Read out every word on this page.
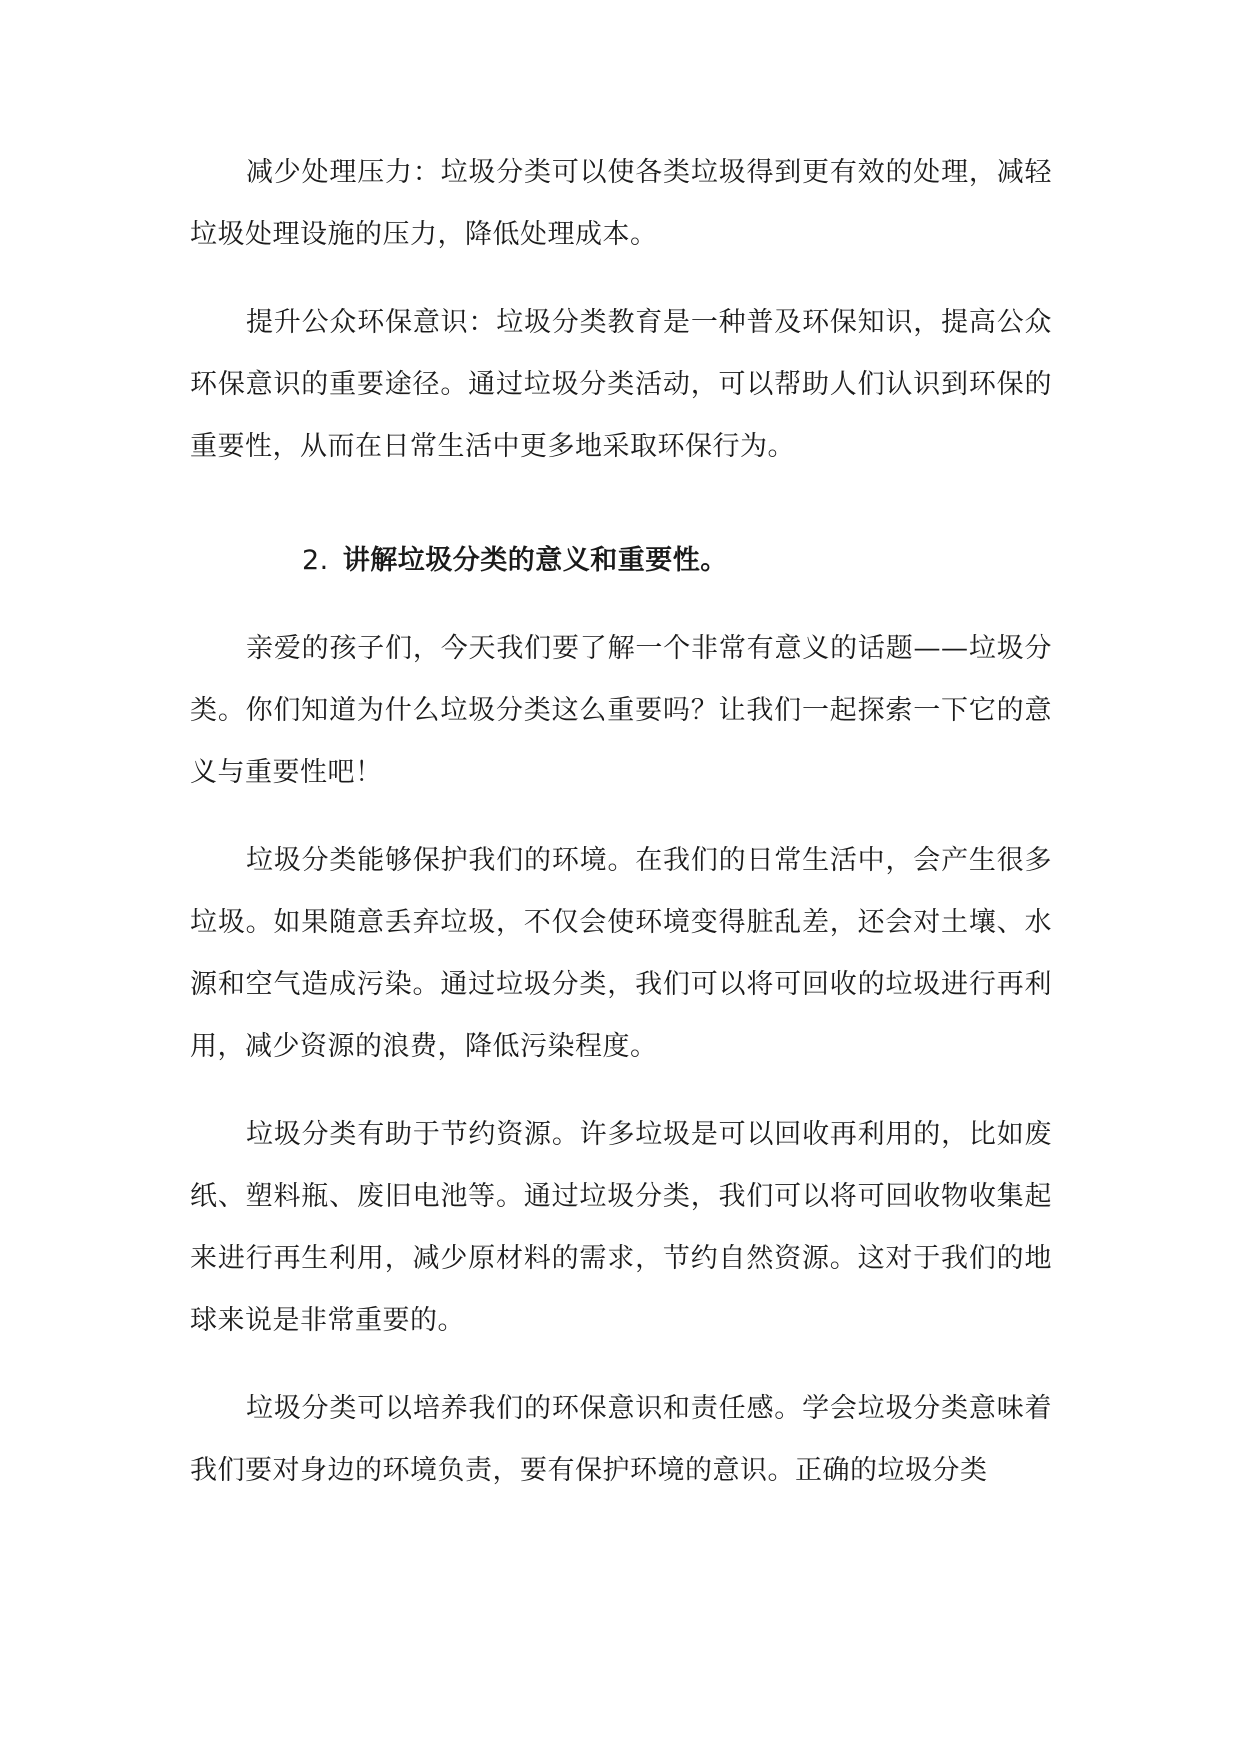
减少处理压力：垃圾分类可以使各类垃圾得到更有效的处理，减轻垃圾处理设施的压力，降低处理成本。

提升公众环保意识：垃圾分类教育是一种普及环保知识，提高公众环保意识的重要途径。通过垃圾分类活动，可以帮助人们认识到环保的重要性，从而在日常生活中更多地采取环保行为。

2. 讲解垃圾分类的意义和重要性。

亲爱的孩子们，今天我们要了解一个非常有意义的话题——垃圾分类。你们知道为什么垃圾分类这么重要吗？让我们一起探索一下它的意义与重要性吧！

垃圾分类能够保护我们的环境。在我们的日常生活中，会产生很多垃圾。如果随意丢弃垃圾，不仅会使环境变得脏乱差，还会对土壤、水源和空气造成污染。通过垃圾分类，我们可以将可回收的垃圾进行再利用，减少资源的浪费，降低污染程度。

垃圾分类有助于节约资源。许多垃圾是可以回收再利用的，比如废纸、塑料瓶、废旧电池等。通过垃圾分类，我们可以将可回收物收集起来进行再生利用，减少原材料的需求，节约自然资源。这对于我们的地球来说是非常重要的。

垃圾分类可以培养我们的环保意识和责任感。学会垃圾分类意味着我们要对身边的环境负责，要有保护环境的意识。正确的垃圾分类
